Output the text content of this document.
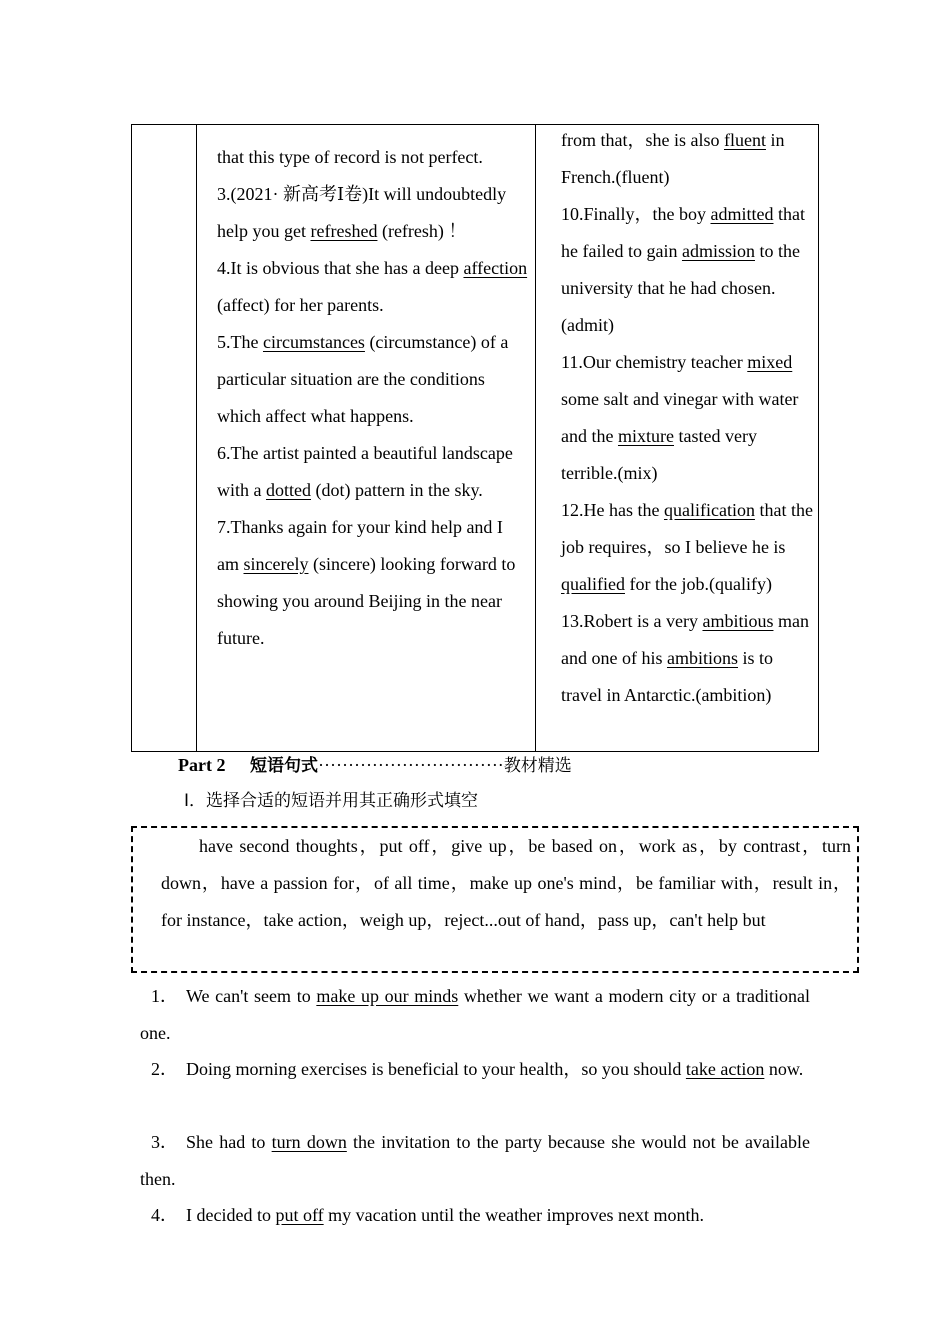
that this type of record is not perfect.

3.(2021· 新高考Ⅰ卷)It will undoubtedly help you get refreshed (refresh) ！

4.It is obvious that she has a deep affection (affect) for her parents.

5.The circumstances (circumstance) of a particular situation are the conditions which affect what happens.

6.The artist painted a beautiful landscape with a dotted (dot) pattern in the sky.

7.Thanks again for your kind help and I am sincerely (sincere) looking forward to showing you around Beijing in the near future.

from that，she is also fluent in French.(fluent)

10.Finally，the boy admitted that he failed to gain admission to the university that he had chosen.(admit)

11.Our chemistry teacher mixed some salt and vinegar with water and the mixture tasted very terrible.(mix)

12.He has the qualification that the job requires，so I believe he is qualified for the job.(qualify)

13.Robert is a very ambitious man and one of his ambitions is to travel in Antarctic.(ambition)

Part 2 短语句式·······························教材精选
Ⅰ．选择合适的短语并用其正确形式填空
have second thoughts，put off，give up，be based on，work as，by contrast，turn down，have a passion for，of all time，make up one's mind，be familiar with，result in，for instance，take action，weigh up，reject...out of hand，pass up，can't help but
1． We can't seem to make up our minds whether we want a modern city or a traditional one.
2． Doing morning exercises is beneficial to your health，so you should take action now.
3． She had to turn down the invitation to the party because she would not be available then.
4． I decided to put off my vacation until the weather improves next month.
